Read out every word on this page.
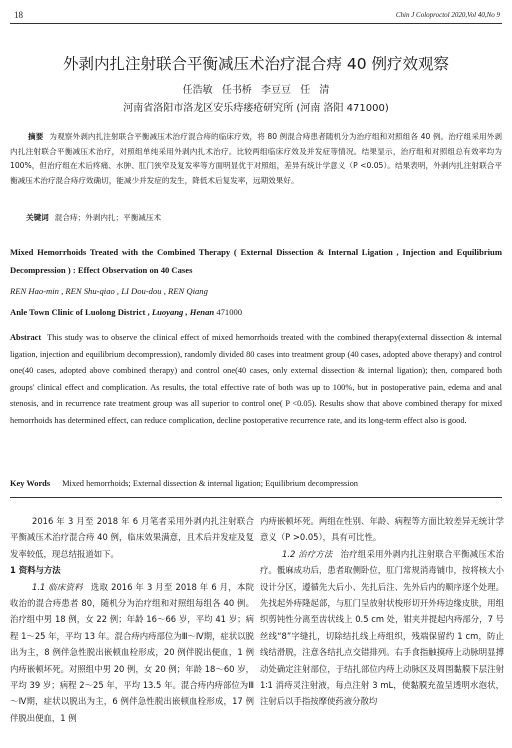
18	Chin J Coloproctol 2020,Vol 40,No 9
外剥内扎注射联合平衡减压术治疗混合痔 40 例疗效观察
任浩敏 任书桥 李豆豆 任 清
河南省洛阳市洛龙区安乐痔瘘疮研究所 (河南 洛阳 471000)
摘要 为观察外剥内扎注射联合平衡减压术治疗混合痔的临床疗效，将 80 例混合痔患者随机分为治疗组和对照组各 40 例。治疗组采用外剥内扎注射联合平衡减压术治疗，对照组单纯采用外剥内扎术治疗。比较两组临床疗效及并发症等情况。结果显示，治疗组和对照组总有效率均为 100%，但治疗组在术后疼痛、水肿、肛门狭窄及复发率等方面明显优于对照组，差异有统计学意义（P <0.05）。结果表明，外剥内扎注射联合平衡减压术治疗混合痔疗效确切，能减少并发症的发生，降低术后复发率，远期效果好。
关键词 混合痔；外剥内扎；平衡减压术
Mixed Hemorrhoids Treated with the Combined Therapy ( External Dissection & Internal Ligation , Injection and Equilibrium Decompression ) : Effect Observation on 40 Cases
REN Hao-min , REN Shu-qiao , LI Dou-dou , REN Qiang
Anle Town Clinic of Luolong District , Luoyang , Henan 471000
Abstract This study was to observe the clinical effect of mixed hemorrhoids treated with the combined therapy(external dissection & internal ligation, injection and equilibrium decompression), randomly divided 80 cases into treatment group (40 cases, adopted above therapy) and control one(40 cases, adopted above combined therapy) and control one(40 cases, only external dissection & internal ligation); then, compared both groups' clinical effect and complication. As results, the total effective rate of both was up to 100%, but in postoperative pain, edema and anal stenosis, and in recurrence rate treatment group was all superior to control one( P <0.05). Results show that above combined therapy for mixed hemorrhoids has determined effect, can reduce complication, decline postoperative recurrence rate, and its long-term effect also is good.
Key Words Mixed hemorrhoids; External dissection & internal ligation; Equilibrium decompression

2016 年 3 月至 2018 年 6 月笔者采用外剥内扎注射联合平衡减压术治疗混合痔 40 例，临床效果满意，且术后并发症及复发率较低，现总结报道如下。

1 资料与方法

1.1 临床资料 选取 2016 年 3 月至 2018 年 6 月，本院收治的混合痔患者 80，随机分为治疗组和对照组每组各 40 例。治疗组中男 18 例，女 22 例；年龄 16～66 岁，平均 41 岁；病程 1～25 年，平均 13 年。混合痔内痔部位为Ⅲ～Ⅳ期，症状以脱出为主，8 例伴急性脱出嵌顿血栓形成，20 例伴脱出便血，1 例内痔嵌顿坏死。对照组中男 20 例，女 20 例；年龄 18～60 岁，平均 39 岁；病程 2～25 年，平均 13.5 年。混合痔内痔部位为Ⅲ～Ⅳ期，症状以脱出为主，6 例伴急性脱出嵌顿血栓形成，17 例伴脱出便血，1 例

内痔嵌顿坏死。两组在性别、年龄、病程等方面比较差异无统计学意义（P >0.05），具有可比性。

1.2 治疗方法 治疗组采用外剥内扎注射联合平衡减压术治疗。骶麻成功后，患者取侧卧位，肛门常规消毒铺巾，按将核大小设计分区，遵循先大后小、先扎后注、先外后内的顺序逐个处理。先找起外痔隆起部，与肛门呈放射状梭形切开外痔边缘皮肤，用组织剪钝性分离至齿状线上 0.5 cm 处，钳夹并提起内痔部分，7 号丝线“8”字缝扎，切除结扎线上痔组织，残端保留约 1 cm，防止线结滑脱，注意各结扎点交错排列。右手食指触摸痔上动脉明显搏动处确定注射部位，于结扎部位内痔上动脉区及周围黏膜下层注射 1∶1 消痔灵注射液，每点注射 3 mL，使黏膜充盈呈透明水泡状，注射后以手指按摩使药液分散均
